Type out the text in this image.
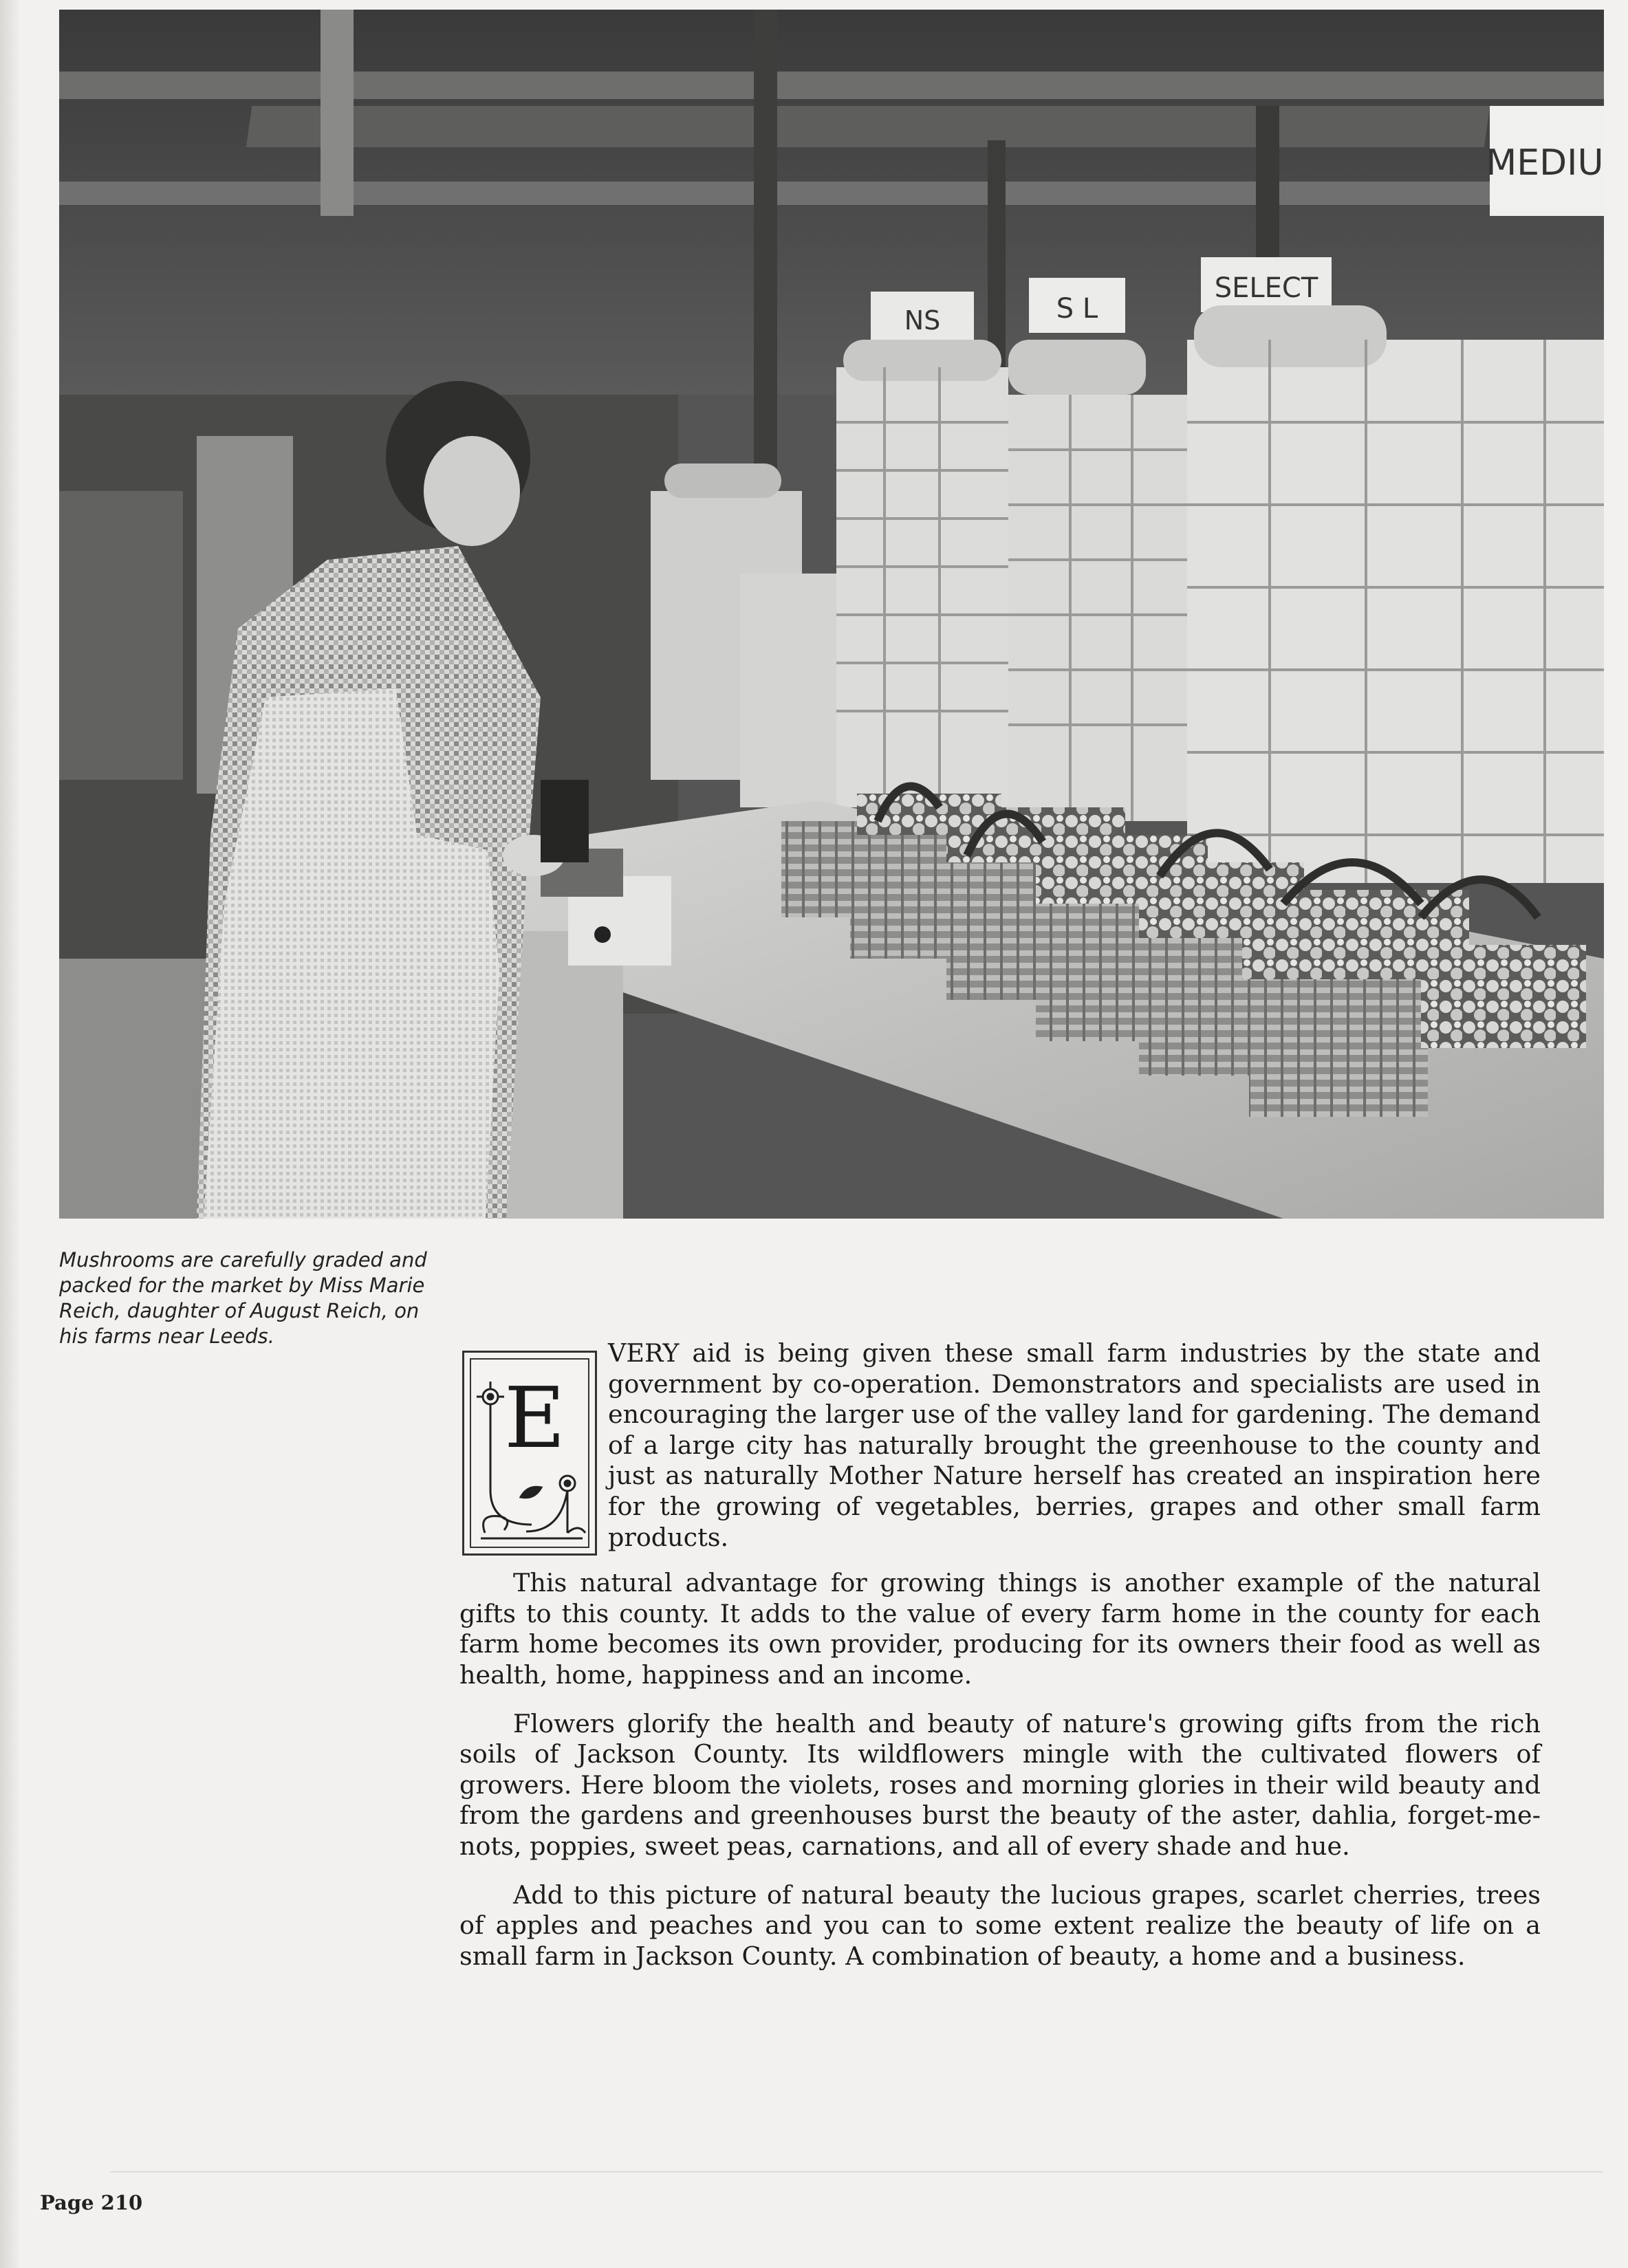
NS	S L
SELECT
MEDIU
Mushrooms are carefully graded and packed for the market by Miss Marie Reich, daughter of August Reich, on his farms near Leeds.
E
VERY aid is being given these small farm industries by the state and government by co-operation. Demonstrators and specialists are used in encouraging the larger use of the valley land for gardening. The demand of a large city has naturally brought the greenhouse to the county and just as naturally Mother Nature herself has created an inspiration here for the growing of vegetables, berries, grapes and other small farm products.
This natural advantage for growing things is another example of the natural gifts to this county. It adds to the value of every farm home in the county for each farm home becomes its own provider, producing for its owners their food as well as health, home, happiness and an income.
Flowers glorify the health and beauty of nature's growing gifts from the rich soils of Jackson County. Its wildflowers mingle with the cultivated flowers of growers. Here bloom the violets, roses and morning glories in their wild beauty and from the gardens and greenhouses burst the beauty of the aster, dahlia, forget-me-nots, poppies, sweet peas, carnations, and all of every shade and hue.
Add to this picture of natural beauty the lucious grapes, scarlet cherries, trees of apples and peaches and you can to some extent realize the beauty of life on a small farm in Jackson County. A combination of beauty, a home and a business.
Page 210
